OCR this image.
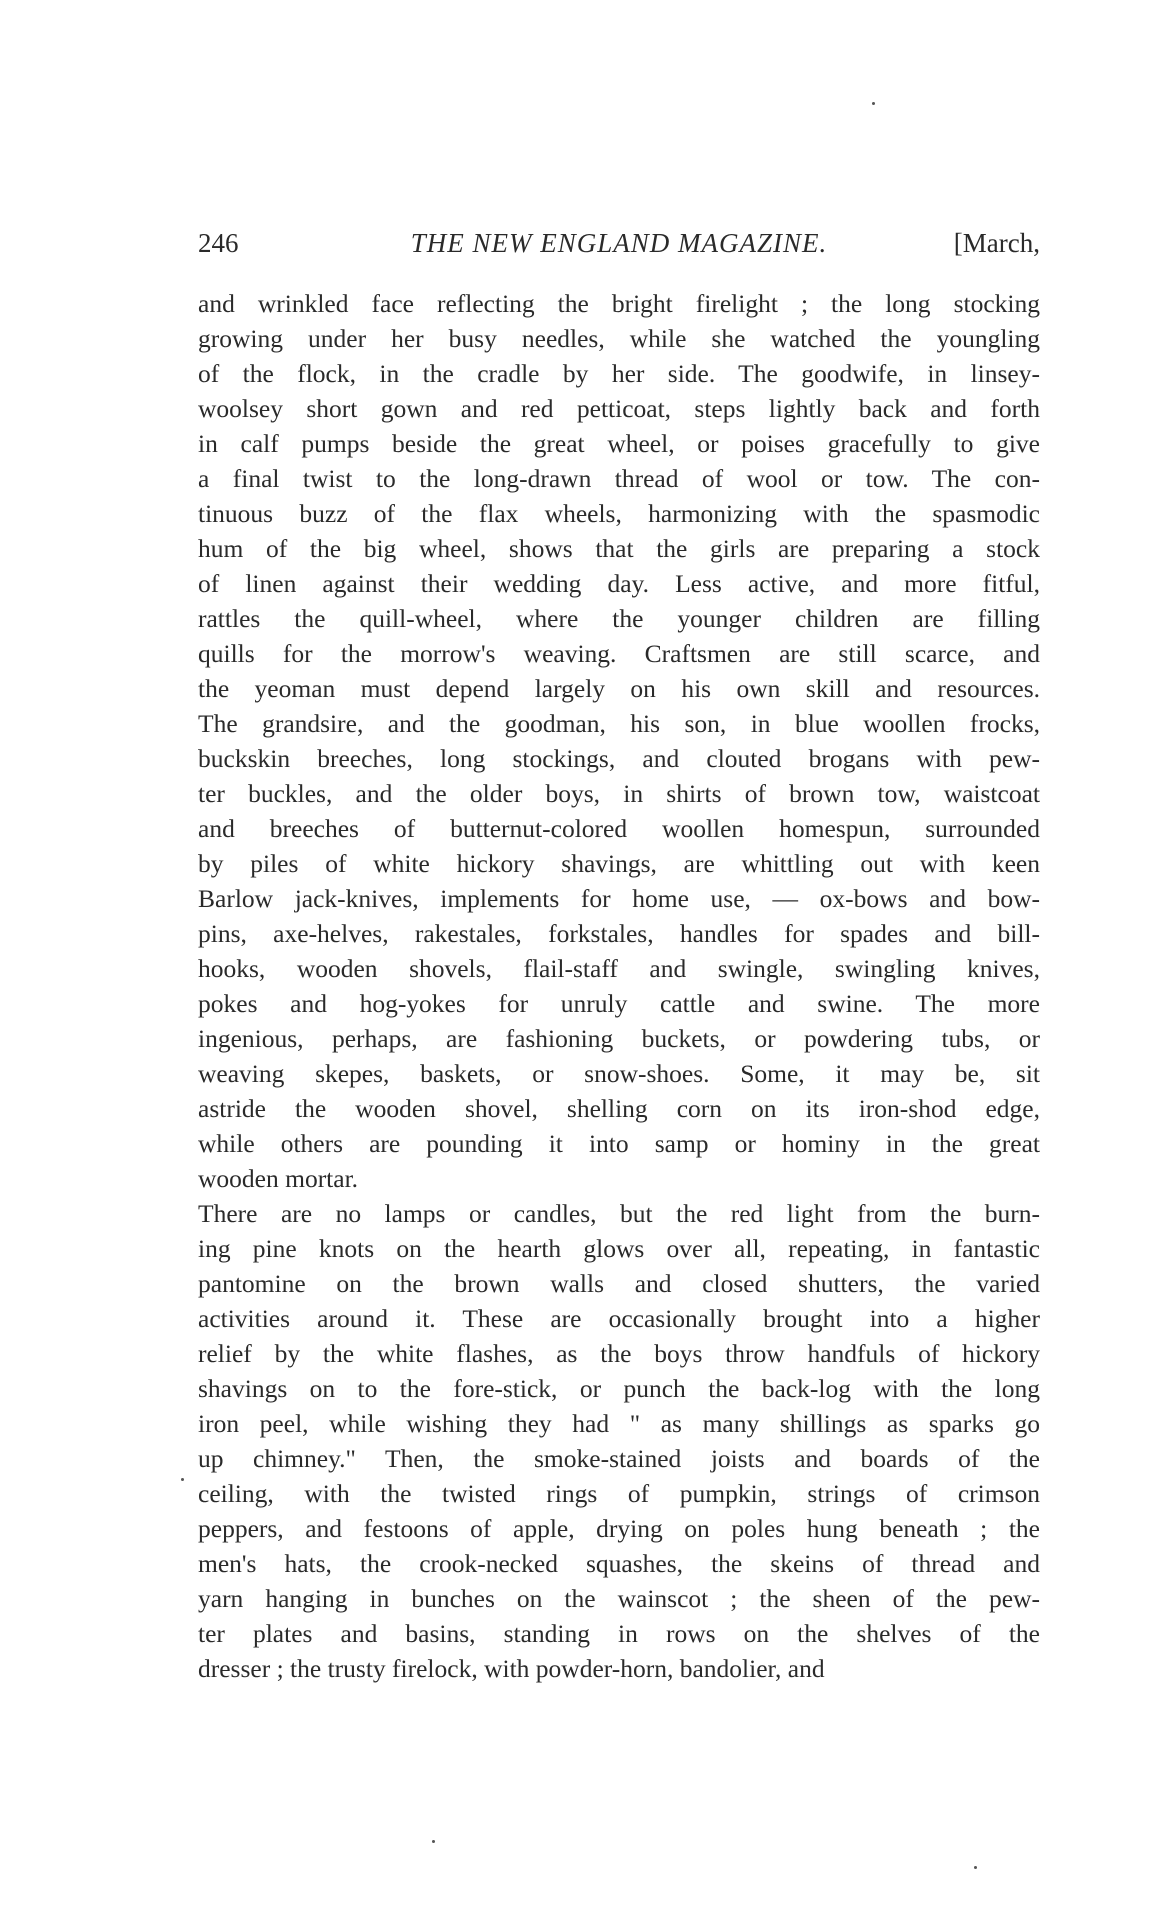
246	THE NEW ENGLAND MAGAZINE.	[March,
and wrinkled face reflecting the bright firelight ; the long stocking
growing under her busy needles, while she watched the youngling
of the flock, in the cradle by her side. The goodwife, in linsey-
woolsey short gown and red petticoat, steps lightly back and forth
in calf pumps beside the great wheel, or poises gracefully to give
a final twist to the long-drawn thread of wool or tow. The con-
tinuous buzz of the flax wheels, harmonizing with the spasmodic
hum of the big wheel, shows that the girls are preparing a stock
of linen against their wedding day. Less active, and more fitful,
rattles the quill-wheel, where the younger children are filling
quills for the morrow's weaving. Craftsmen are still scarce, and
the yeoman must depend largely on his own skill and resources.
The grandsire, and the goodman, his son, in blue woollen frocks,
buckskin breeches, long stockings, and clouted brogans with pew-
ter buckles, and the older boys, in shirts of brown tow, waistcoat
and breeches of butternut-colored woollen homespun, surrounded
by piles of white hickory shavings, are whittling out with keen
Barlow jack-knives, implements for home use, — ox-bows and bow-
pins, axe-helves, rakestales, forkstales, handles for spades and bill-
hooks, wooden shovels, flail-staff and swingle, swingling knives,
pokes and hog-yokes for unruly cattle and swine. The more
ingenious, perhaps, are fashioning buckets, or powdering tubs, or
weaving skepes, baskets, or snow-shoes. Some, it may be, sit
astride the wooden shovel, shelling corn on its iron-shod edge,
while others are pounding it into samp or hominy in the great
wooden mortar.
There are no lamps or candles, but the red light from the burn-
ing pine knots on the hearth glows over all, repeating, in fantastic
pantomine on the brown walls and closed shutters, the varied
activities around it. These are occasionally brought into a higher
relief by the white flashes, as the boys throw handfuls of hickory
shavings on to the fore-stick, or punch the back-log with the long
iron peel, while wishing they had " as many shillings as sparks go
up chimney." Then, the smoke-stained joists and boards of the
ceiling, with the twisted rings of pumpkin, strings of crimson
peppers, and festoons of apple, drying on poles hung beneath ; the
men's hats, the crook-necked squashes, the skeins of thread and
yarn hanging in bunches on the wainscot ; the sheen of the pew-
ter plates and basins, standing in rows on the shelves of the
dresser ; the trusty firelock, with powder-horn, bandolier, and
